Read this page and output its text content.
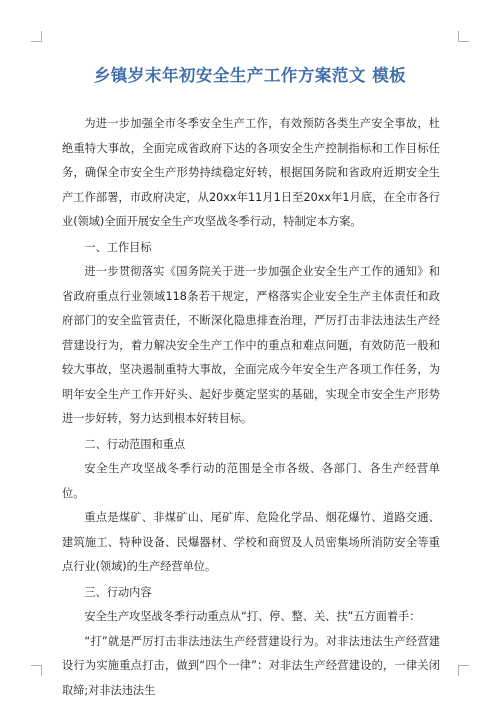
乡镇岁末年初安全生产工作方案范文 模板

为进一步加强全市冬季安全生产工作，有效预防各类生产安全事故，杜绝重特大事故，全面完成省政府下达的各项安全生产控制指标和工作目标任务，确保全市安全生产形势持续稳定好转，根据国务院和省政府近期安全生产工作部署，市政府决定，从20xx年11月1日至20xx年1月底，在全市各行业(领域)全面开展安全生产攻坚战冬季行动，特制定本方案。

一、工作目标

进一步贯彻落实《国务院关于进一步加强企业安全生产工作的通知》和省政府重点行业领域118条若干规定，严格落实企业安全生产主体责任和政府部门的安全监管责任，不断深化隐患排查治理，严厉打击非法违法生产经营建设行为，着力解决安全生产工作中的重点和难点问题，有效防范一般和较大事故，坚决遏制重特大事故，全面完成今年安全生产各项工作任务，为明年安全生产工作开好头、起好步奠定坚实的基础，实现全市安全生产形势进一步好转，努力达到根本好转目标。

二、行动范围和重点

安全生产攻坚战冬季行动的范围是全市各级、各部门、各生产经营单位。

重点是煤矿、非煤矿山、尾矿库、危险化学品、烟花爆竹、道路交通、建筑施工、特种设备、民爆器材、学校和商贸及人员密集场所消防安全等重点行业(领域)的生产经营单位。

三、行动内容

安全生产攻坚战冬季行动重点从“打、停、整、关、扶”五方面着手：

“打”就是严厉打击非法违法生产经营建设行为。对非法违法生产经营建设行为实施重点打击，做到“四个一律”：对非法生产经营建设的，一律关闭取缔;对非法违法生
